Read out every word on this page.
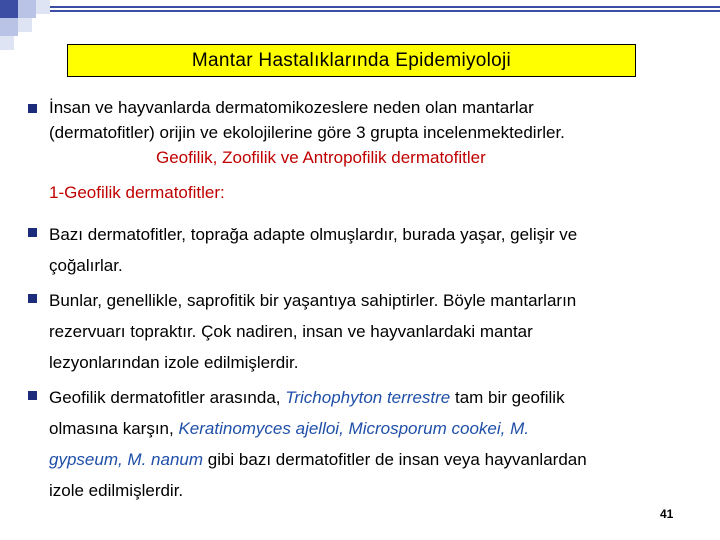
Mantar Hastalıklarında Epidemiyoloji
İnsan ve hayvanlarda dermatomikozeslere neden olan mantarlar
(dermatofitler) orijin ve ekolojilerine göre 3 grupta incelenmektedirler.
Geofilik, Zoofilik ve Antropofilik dermatofitler
1-Geofilik dermatofitler:
Bazı dermatofitler, toprağa adapte olmuşlardır, burada yaşar, gelişir ve
çoğalırlar.
Bunlar, genellikle, saprofitik bir yaşantıya sahiptirler. Böyle mantarların
rezervuarı topraktır. Çok nadiren, insan ve hayvanlardaki mantar
lezyonlarından izole edilmişlerdir.
Geofilik dermatofitler arasında, Trichophyton terrestre tam bir geofilik
olmasına karşın, Keratinomyces ajelloi, Microsporum cookei, M.
gypseum, M. nanum gibi bazı dermatofitler de insan veya hayvanlardan
izole edilmişlerdir.
41
